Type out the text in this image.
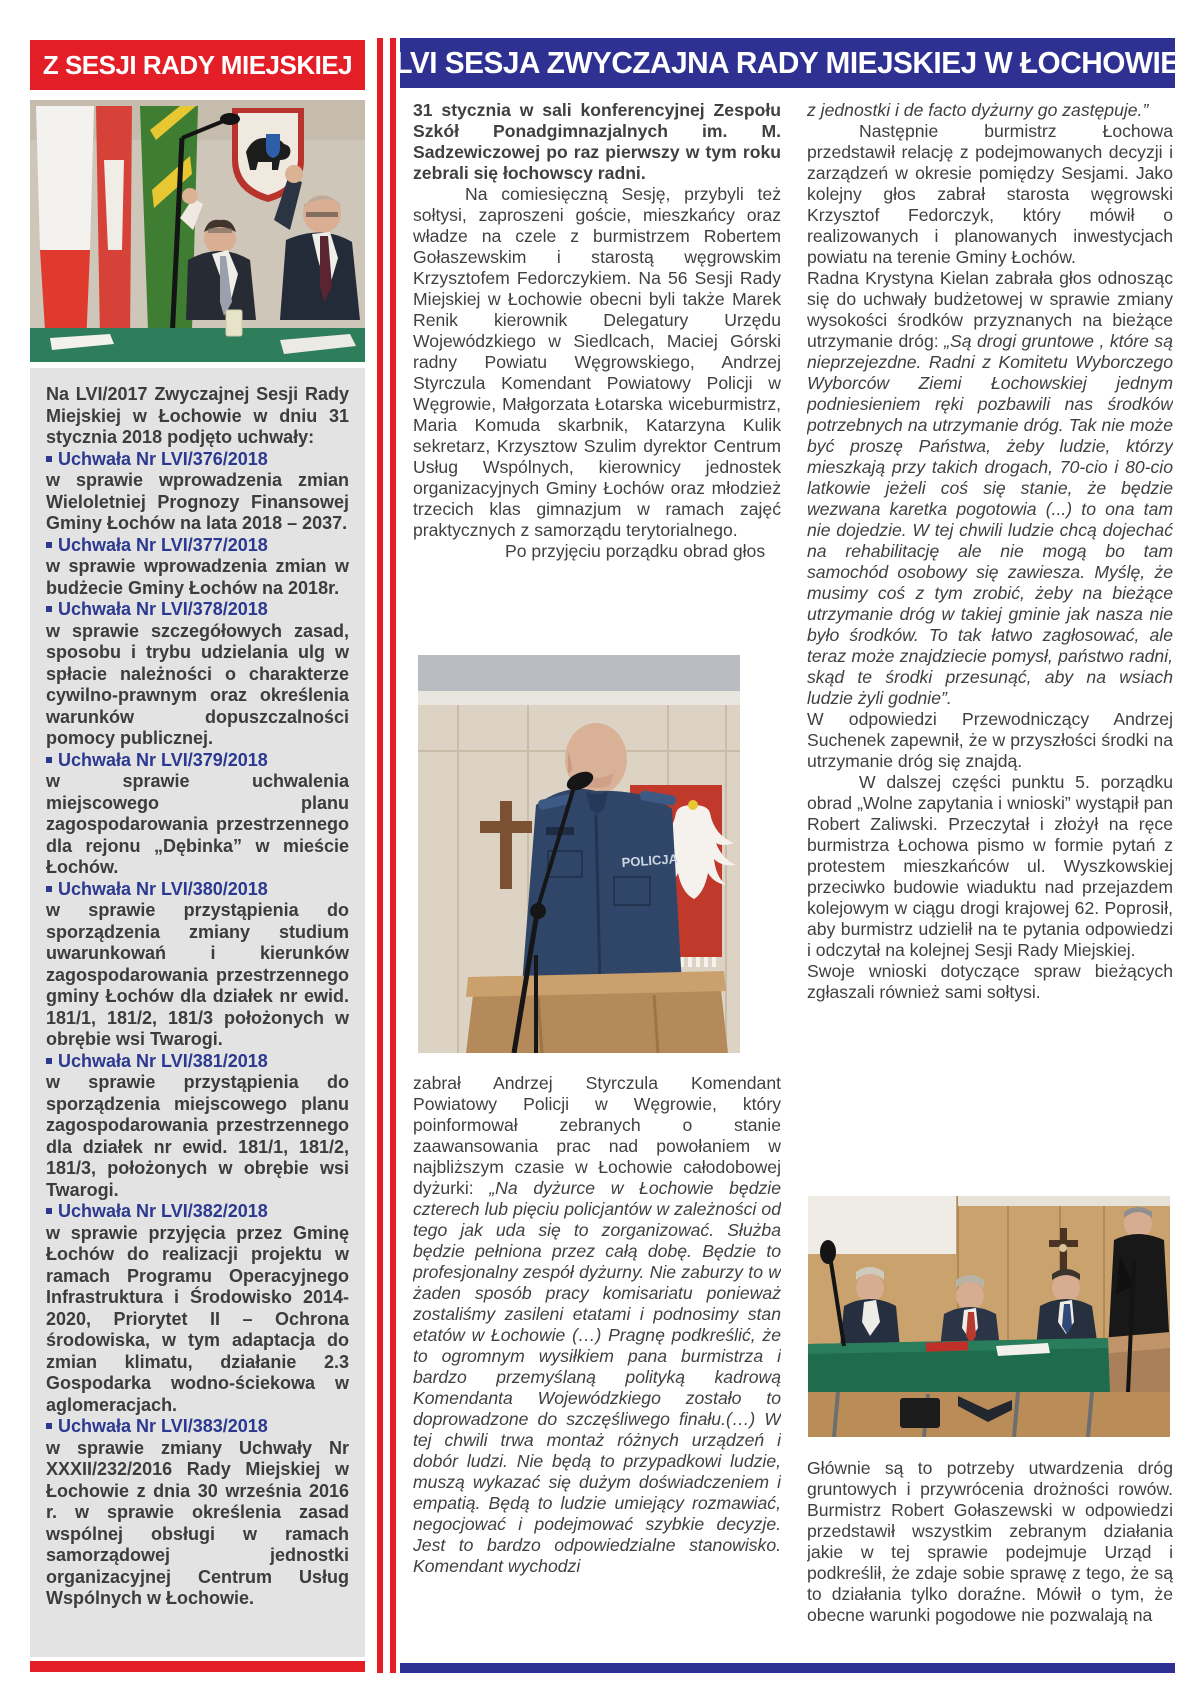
Z SESJI RADY MIEJSKIEJ
Na LVI/2017 Zwyczajnej Sesji Rady Miejskiej w Łochowie w dniu 31 stycznia 2018 podjęto uchwały:
Uchwała Nr LVI/376/2018
w sprawie wprowadzenia zmian Wieloletniej Prognozy Finansowej Gminy Łochów na lata 2018 – 2037.
Uchwała Nr LVI/377/2018
w sprawie wprowadzenia zmian w budżecie Gminy Łochów na 2018r.
Uchwała Nr LVI/378/2018
w sprawie szczegółowych zasad, sposobu i trybu udzielania ulg w spłacie należności o charakterze cywilno-prawnym oraz określenia warunków dopuszczalności pomocy publicznej.
Uchwała Nr LVI/379/2018
w sprawie uchwalenia miejscowego planu zagospodarowania przestrzennego dla rejonu „Dębinka” w mieście Łochów.
Uchwała Nr LVI/380/2018
w sprawie przystąpienia do sporządzenia zmiany studium uwarunkowań i kierunków zagospodarowania przestrzennego gminy Łochów dla działek nr ewid. 181/1, 181/2, 181/3 położonych w obrębie wsi Twarogi.
Uchwała Nr LVI/381/2018
w sprawie przystąpienia do sporządzenia miejscowego planu zagospodarowania przestrzennego dla działek nr ewid. 181/1, 181/2, 181/3, położonych w obrębie wsi Twarogi.
Uchwała Nr LVI/382/2018
w sprawie przyjęcia przez Gminę Łochów do realizacji projektu w ramach Programu Operacyjnego Infrastruktura i Środowisko 2014-2020, Priorytet II – Ochrona środowiska, w tym adaptacja do zmian klimatu, działanie 2.3 Gospodarka wodno-ściekowa w aglomeracjach.
Uchwała Nr LVI/383/2018
w sprawie zmiany Uchwały Nr XXXII/232/2016 Rady Miejskiej w Łochowie z dnia 30 września 2016 r. w sprawie określenia zasad wspólnej obsługi w ramach samorządowej jednostki organizacyjnej Centrum Usług Wspólnych w Łochowie.
LVI SESJA ZWYCZAJNA RADY MIEJSKIEJ W ŁOCHOWIE

31 stycznia w sali konferencyjnej Zespołu Szkół Ponadgimnazjalnych im. M. Sadzewiczowej po raz pierwszy w tym roku zebrali się łochowscy radni.

Na comiesięczną Sesję, przybyli też sołtysi, zaproszeni goście, mieszkańcy oraz władze na czele z burmistrzem Robertem Gołaszewskim i starostą węgrowskim Krzysztofem Fedorczykiem. Na 56 Sesji Rady Miejskiej w Łochowie obecni byli także Marek Renik kierownik Delegatury Urzędu Wojewódzkiego w Siedlcach, Maciej Górski radny Powiatu Węgrowskiego, Andrzej Styrczula Komendant Powiatowy Policji w Węgrowie, Małgorzata Łotarska wiceburmistrz, Maria Komuda skarbnik, Katarzyna Kulik sekretarz, Krzysztow Szulim dyrektor Centrum Usług Wspólnych, kierownicy jednostek organizacyjnych Gminy Łochów oraz młodzież trzecich klas gimnazjum w ramach zajęć praktycznych z samorządu terytorialnego.

Po przyjęciu porządku obrad głos

zabrał Andrzej Styrczula Komendant Powiatowy Policji w Węgrowie, który poinformował zebranych o stanie zaawansowania prac nad powołaniem w najbliższym czasie w Łochowie całodobowej dyżurki: „Na dyżurce w Łochowie będzie czterech lub pięciu policjantów w zależności od tego jak uda się to zorganizować. Służba będzie pełniona przez całą dobę. Będzie to profesjonalny zespół dyżurny. Nie zaburzy to w żaden sposób pracy komisariatu ponieważ zostaliśmy zasileni etatami i podnosimy stan etatów w Łochowie (…) Pragnę podkreślić, że to ogromnym wysiłkiem pana burmistrza i bardzo przemyślaną polityką kadrową Komendanta Wojewódzkiego zostało to doprowadzone do szczęśliwego finału.(…) W tej chwili trwa montaż różnych urządzeń i dobór ludzi. Nie będą to przypadkowi ludzie, muszą wykazać się dużym doświadczeniem i empatią. Będą to ludzie umiejący rozmawiać, negocjować i podejmować szybkie decyzje. Jest to bardzo odpowiedzialne stanowisko. Komendant wychodzi

POLICJA

z jednostki i de facto dyżurny go zastępuje.”

Następnie burmistrz Łochowa przedstawił relację z podejmowanych decyzji i zarządzeń w okresie pomiędzy Sesjami. Jako kolejny głos zabrał starosta węgrowski Krzysztof Fedorczyk, który mówił o realizowanych i planowanych inwestycjach powiatu na terenie Gminy Łochów.

Radna Krystyna Kielan zabrała głos odnosząc się do uchwały budżetowej w sprawie zmiany wysokości środków przyznanych na bieżące utrzymanie dróg: „Są drogi gruntowe , które są nieprzejezdne. Radni z Komitetu Wyborczego Wyborców Ziemi Łochowskiej jednym podniesieniem ręki pozbawili nas środków potrzebnych na utrzymanie dróg. Tak nie może być proszę Państwa, żeby ludzie, którzy mieszkają przy takich drogach, 70-cio i 80-cio latkowie jeżeli coś się stanie, że będzie wezwana karetka pogotowia (...) to ona tam nie dojedzie. W tej chwili ludzie chcą dojechać na rehabilitację ale nie mogą bo tam samochód osobowy się zawiesza. Myślę, że musimy coś z tym zrobić, żeby na bieżące utrzymanie dróg w takiej gminie jak nasza nie było środków. To tak łatwo zagłosować, ale teraz może znajdziecie pomysł, państwo radni, skąd te środki przesunąć, aby na wsiach ludzie żyli godnie”.

W odpowiedzi Przewodniczący Andrzej Suchenek zapewnił, że w przyszłości środki na utrzymanie dróg się znajdą.

W dalszej części punktu 5. porządku obrad „Wolne zapytania i wnioski” wystąpił pan Robert Zaliwski. Przeczytał i złożył na ręce burmistrza Łochowa pismo w formie pytań z protestem mieszkańców ul. Wyszkowskiej przeciwko budowie wiaduktu nad przejazdem kolejowym w ciągu drogi krajowej 62. Poprosił, aby burmistrz udzielił na te pytania odpowiedzi i odczytał na kolejnej Sesji Rady Miejskiej.

Swoje wnioski dotyczące spraw bieżących zgłaszali również sami sołtysi.

Głównie są to potrzeby utwardzenia dróg gruntowych i przywrócenia drożności rowów. Burmistrz Robert Gołaszewski w odpowiedzi przedstawił wszystkim zebranym działania jakie w tej sprawie podejmuje Urząd i podkreślił, że zdaje sobie sprawę z tego, że są to działania tylko doraźne. Mówił o tym, że obecne warunki pogodowe nie pozwalają na
